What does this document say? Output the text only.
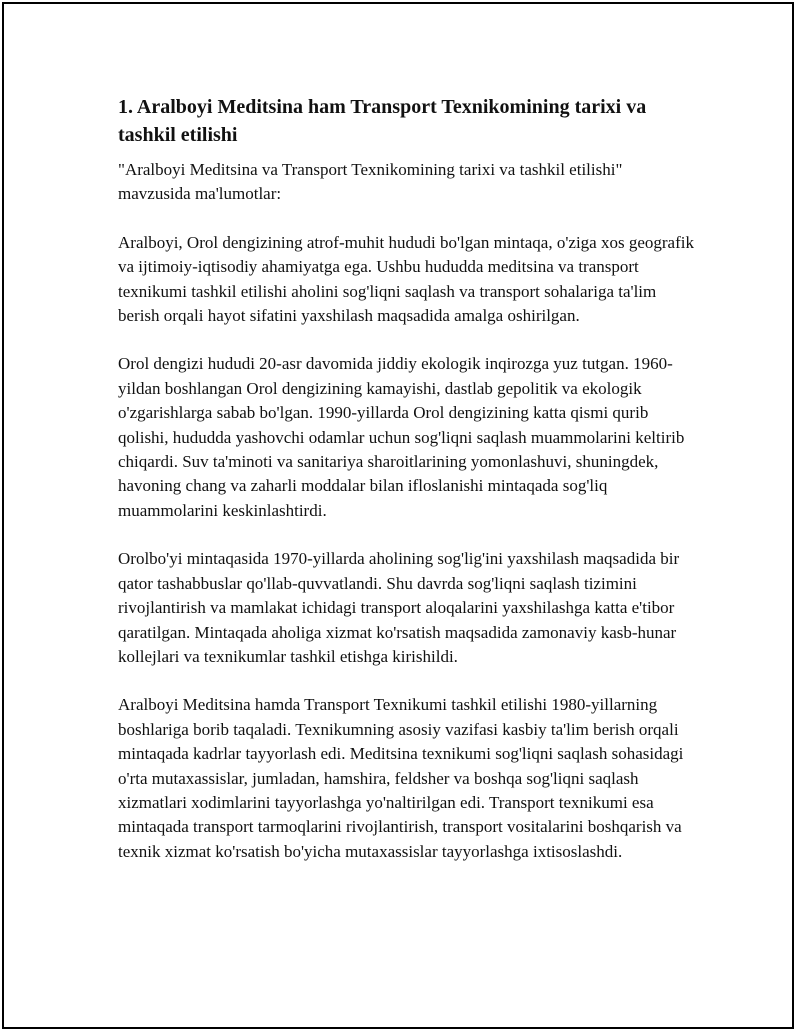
1. Aralboyi Meditsina ham Transport Texnikomining tarixi va tashkil etilishi

"Aralboyi Meditsina va Transport Texnikomining tarixi va tashkil etilishi" mavzusida ma'lumotlar:

Aralboyi, Orol dengizining atrof-muhit hududi bo'lgan mintaqa, o'ziga xos geografik va ijtimoiy-iqtisodiy ahamiyatga ega. Ushbu hududda meditsina va transport texnikumi tashkil etilishi aholini sog'liqni saqlash va transport sohalariga ta'lim berish orqali hayot sifatini yaxshilash maqsadida amalga oshirilgan.

Orol dengizi hududi 20-asr davomida jiddiy ekologik inqirozga yuz tutgan. 1960-yildan boshlangan Orol dengizining kamayishi, dastlab gepolitik va ekologik o'zgarishlarga sabab bo'lgan. 1990-yillarda Orol dengizining katta qismi qurib qolishi, hududda yashovchi odamlar uchun sog'liqni saqlash muammolarini keltirib chiqardi. Suv ta'minoti va sanitariya sharoitlarining yomonlashuvi, shuningdek, havoning chang va zaharli moddalar bilan ifloslanishi mintaqada sog'liq muammolarini keskinlashtirdi.

Orolbo'yi mintaqasida 1970-yillarda aholining sog'lig'ini yaxshilash maqsadida bir qator tashabbuslar qo'llab-quvvatlandi. Shu davrda sog'liqni saqlash tizimini rivojlantirish va mamlakat ichidagi transport aloqalarini yaxshilashga katta e'tibor qaratilgan. Mintaqada aholiga xizmat ko'rsatish maqsadida zamonaviy kasb-hunar kollejlari va texnikumlar tashkil etishga kirishildi.

Aralboyi Meditsina hamda Transport Texnikumi tashkil etilishi 1980-yillarning boshlariga borib taqaladi. Texnikumning asosiy vazifasi kasbiy ta'lim berish orqali mintaqada kadrlar tayyorlash edi. Meditsina texnikumi sog'liqni saqlash sohasidagi o'rta mutaxassislar, jumladan, hamshira, feldsher va boshqa sog'liqni saqlash xizmatlari xodimlarini tayyorlashga yo'naltirilgan edi. Transport texnikumi esa mintaqada transport tarmoqlarini rivojlantirish, transport vositalarini boshqarish va texnik xizmat ko'rsatish bo'yicha mutaxassislar tayyorlashga ixtisoslashdi.
